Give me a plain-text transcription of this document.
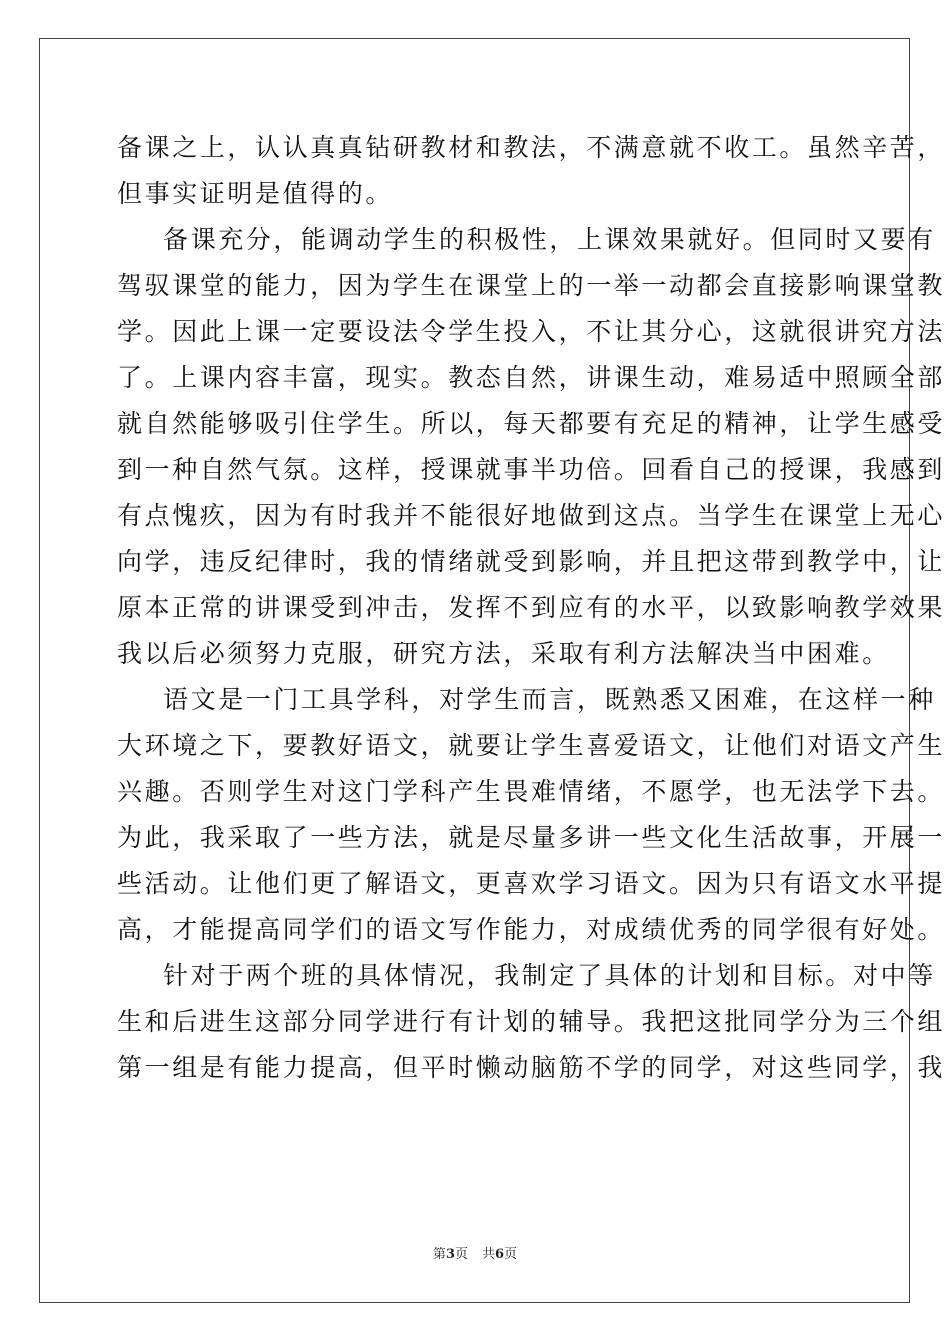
备课之上，认认真真钻研教材和教法，不满意就不收工。虽然辛苦，
但事实证明是值得的。
备课充分，能调动学生的积极性，上课效果就好。但同时又要有
驾驭课堂的能力，因为学生在课堂上的一举一动都会直接影响课堂教
学。因此上课一定要设法令学生投入，不让其分心，这就很讲究方法
了。上课内容丰富，现实。教态自然，讲课生动，难易适中照顾全部
就自然能够吸引住学生。所以，每天都要有充足的精神，让学生感受
到一种自然气氛。这样，授课就事半功倍。回看自己的授课，我感到
有点愧疚，因为有时我并不能很好地做到这点。当学生在课堂上无心
向学，违反纪律时，我的情绪就受到影响，并且把这带到教学中，让
原本正常的讲课受到冲击，发挥不到应有的水平，以致影响教学效果
我以后必须努力克服，研究方法，采取有利方法解决当中困难。
语文是一门工具学科，对学生而言，既熟悉又困难，在这样一种
大环境之下，要教好语文，就要让学生喜爱语文，让他们对语文产生
兴趣。否则学生对这门学科产生畏难情绪，不愿学，也无法学下去。
为此，我采取了一些方法，就是尽量多讲一些文化生活故事，开展一
些活动。让他们更了解语文，更喜欢学习语文。因为只有语文水平提
高，才能提高同学们的语文写作能力，对成绩优秀的同学很有好处。
针对于两个班的具体情况，我制定了具体的计划和目标。对中等
生和后进生这部分同学进行有计划的辅导。我把这批同学分为三个组
第一组是有能力提高，但平时懒动脑筋不学的同学，对这些同学，我
第3页 共6页
